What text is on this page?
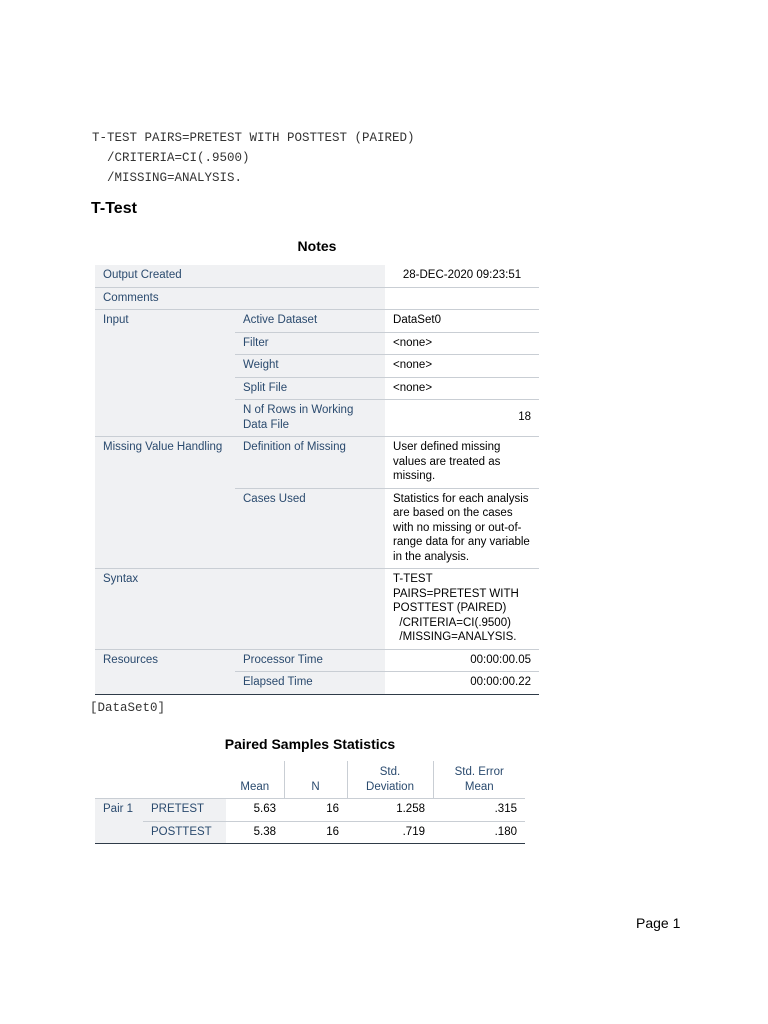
T-TEST PAIRS=PRETEST WITH POSTTEST (PAIRED)
/CRITERIA=CI(.9500)
/MISSING=ANALYSIS.
T-Test
Notes
Output Created		28-DEC-2020 09:23:51
Comments		
Input	Active Dataset	DataSet0
	Filter	<none>
	Weight	<none>
	Split File	<none>
	N of Rows in Working Data File	18
Missing Value Handling	Definition of Missing	User defined missing values are treated as missing.
	Cases Used	Statistics for each analysis are based on the cases with no missing or out-of-range data for any variable in the analysis.
Syntax		T-TEST
PAIRS=PRETEST WITH
POSTTEST (PAIRED)
/CRITERIA=CI(.9500)
/MISSING=ANALYSIS.
Resources	Processor Time	00:00:00.05
	Elapsed Time	00:00:00.22
[DataSet0]
Paired Samples Statistics
		Mean	N	Std. Deviation	Std. Error Mean
Pair 1	PRETEST	5.63	16	1.258	.315
	POSTTEST	5.38	16	.719	.180
Page 1
